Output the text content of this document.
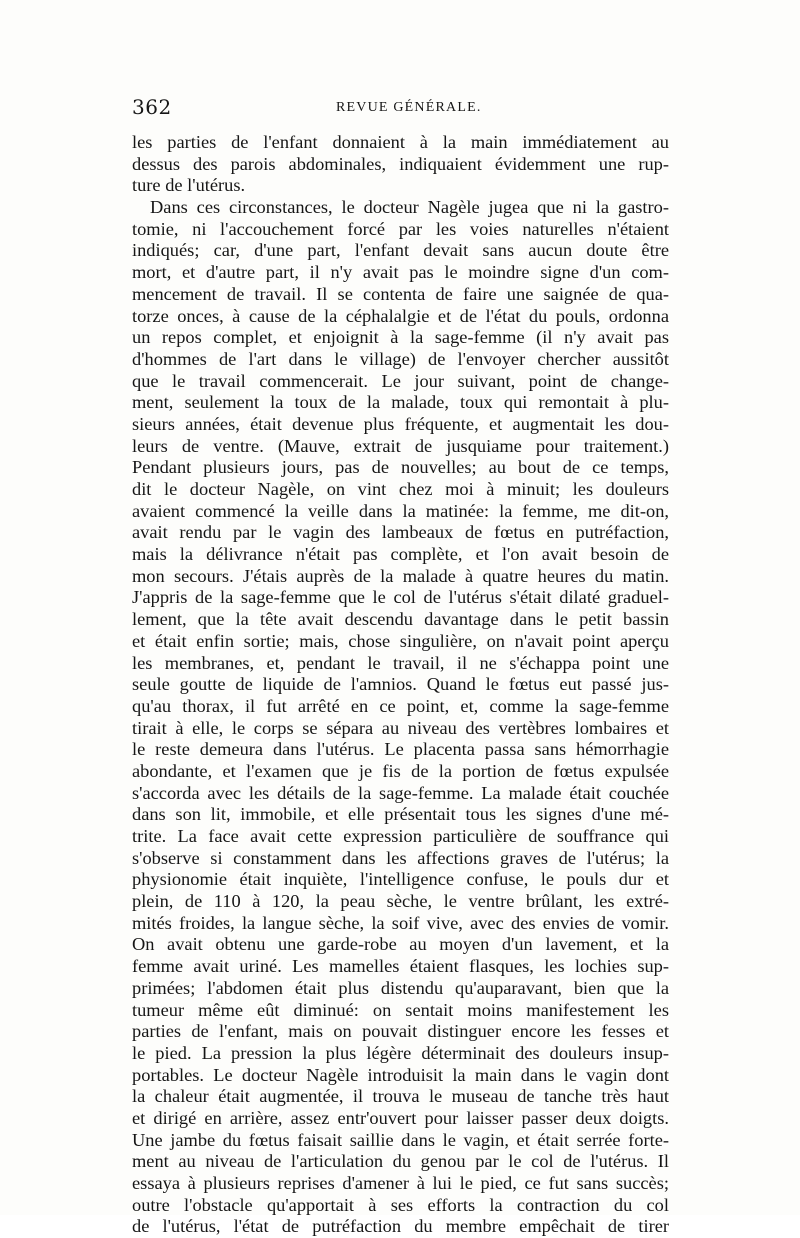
362	REVUE GÉNÉRALE.
les parties de l'enfant donnaient à la main immédiatement au
dessus des parois abdominales, indiquaient évidemment une rup-
ture de l'utérus.
Dans ces circonstances, le docteur Nagèle jugea que ni la gastro-
tomie, ni l'accouchement forcé par les voies naturelles n'étaient
indiqués; car, d'une part, l'enfant devait sans aucun doute être
mort, et d'autre part, il n'y avait pas le moindre signe d'un com-
mencement de travail. Il se contenta de faire une saignée de qua-
torze onces, à cause de la céphalalgie et de l'état du pouls, ordonna
un repos complet, et enjoignit à la sage-femme (il n'y avait pas
d'hommes de l'art dans le village) de l'envoyer chercher aussitôt
que le travail commencerait. Le jour suivant, point de change-
ment, seulement la toux de la malade, toux qui remontait à plu-
sieurs années, était devenue plus fréquente, et augmentait les dou-
leurs de ventre. (Mauve, extrait de jusquiame pour traitement.)
Pendant plusieurs jours, pas de nouvelles; au bout de ce temps,
dit le docteur Nagèle, on vint chez moi à minuit; les douleurs
avaient commencé la veille dans la matinée: la femme, me dit-on,
avait rendu par le vagin des lambeaux de fœtus en putréfaction,
mais la délivrance n'était pas complète, et l'on avait besoin de
mon secours. J'étais auprès de la malade à quatre heures du matin.
J'appris de la sage-femme que le col de l'utérus s'était dilaté graduel-
lement, que la tête avait descendu davantage dans le petit bassin
et était enfin sortie; mais, chose singulière, on n'avait point aperçu
les membranes, et, pendant le travail, il ne s'échappa point une
seule goutte de liquide de l'amnios. Quand le fœtus eut passé jus-
qu'au thorax, il fut arrêté en ce point, et, comme la sage-femme
tirait à elle, le corps se sépara au niveau des vertèbres lombaires et
le reste demeura dans l'utérus. Le placenta passa sans hémorrhagie
abondante, et l'examen que je fis de la portion de fœtus expulsée
s'accorda avec les détails de la sage-femme. La malade était couchée
dans son lit, immobile, et elle présentait tous les signes d'une mé-
trite. La face avait cette expression particulière de souffrance qui
s'observe si constamment dans les affections graves de l'utérus; la
physionomie était inquiète, l'intelligence confuse, le pouls dur et
plein, de 110 à 120, la peau sèche, le ventre brûlant, les extré-
mités froides, la langue sèche, la soif vive, avec des envies de vomir.
On avait obtenu une garde-robe au moyen d'un lavement, et la
femme avait uriné. Les mamelles étaient flasques, les lochies sup-
primées; l'abdomen était plus distendu qu'auparavant, bien que la
tumeur même eût diminué: on sentait moins manifestement les
parties de l'enfant, mais on pouvait distinguer encore les fesses et
le pied. La pression la plus légère déterminait des douleurs insup-
portables. Le docteur Nagèle introduisit la main dans le vagin dont
la chaleur était augmentée, il trouva le museau de tanche très haut
et dirigé en arrière, assez entr'ouvert pour laisser passer deux doigts.
Une jambe du fœtus faisait saillie dans le vagin, et était serrée forte-
ment au niveau de l'articulation du genou par le col de l'utérus. Il
essaya à plusieurs reprises d'amener à lui le pied, ce fut sans succès;
outre l'obstacle qu'apportait à ses efforts la contraction du col
de l'utérus, l'état de putréfaction du membre empêchait de tirer
